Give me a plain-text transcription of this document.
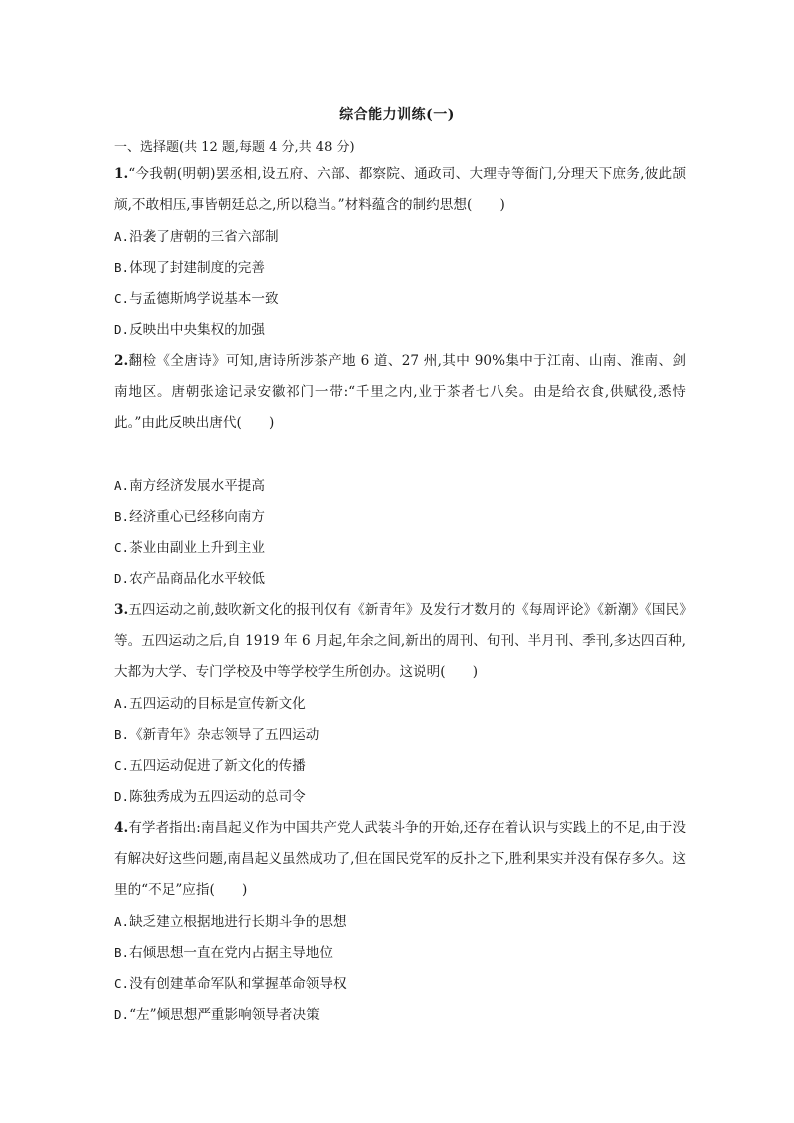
综合能力训练(一)
一、选择题(共 12 题,每题 4 分,共 48 分)
1.“今我朝(明朝)罢丞相,设五府、六部、都察院、通政司、大理寺等衙门,分理天下庶务,彼此颉颃,不敢相压,事皆朝廷总之,所以稳当。”材料蕴含的制约思想(　　)
A.沿袭了唐朝的三省六部制
B.体现了封建制度的完善
C.与孟德斯鸠学说基本一致
D.反映出中央集权的加强
2.翻检《全唐诗》可知,唐诗所涉茶产地 6 道、27 州,其中 90%集中于江南、山南、淮南、剑南地区。唐朝张途记录安徽祁门一带:“千里之内,业于茶者七八矣。由是给衣食,供赋役,悉恃此。”由此反映出唐代(　　)
A.南方经济发展水平提高
B.经济重心已经移向南方
C.茶业由副业上升到主业
D.农产品商品化水平较低
3.五四运动之前,鼓吹新文化的报刊仅有《新青年》及发行才数月的《每周评论》《新潮》《国民》等。五四运动之后,自 1919 年 6 月起,年余之间,新出的周刊、旬刊、半月刊、季刊,多达四百种,大都为大学、专门学校及中等学校学生所创办。这说明(　　)
A.五四运动的目标是宣传新文化
B.《新青年》杂志领导了五四运动
C.五四运动促进了新文化的传播
D.陈独秀成为五四运动的总司令
4.有学者指出:南昌起义作为中国共产党人武装斗争的开始,还存在着认识与实践上的不足,由于没有解决好这些问题,南昌起义虽然成功了,但在国民党军的反扑之下,胜利果实并没有保存多久。这里的“不足”应指(　　)
A.缺乏建立根据地进行长期斗争的思想
B.右倾思想一直在党内占据主导地位
C.没有创建革命军队和掌握革命领导权
D.“左”倾思想严重影响领导者决策
